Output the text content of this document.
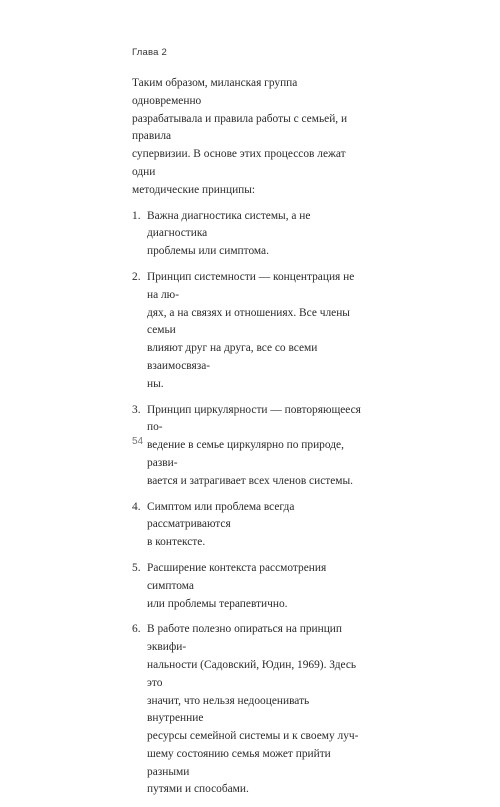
Глава 2

Таким образом, миланская группа одновременно
разрабатывала и правила работы с семьей, и правила
супервизии. В основе этих процессов лежат одни
методические принципы:

1. Важна диагностика системы, а не диагностика
проблемы или симптома.
2. Принцип системности — концентрация не на лю-
дях, а на связях и отношениях. Все члены семьи
влияют друг на друга, все со всеми взаимосвяза-
ны.
3. Принцип циркулярности — повторяющееся по-
ведение в семье циркулярно по природе, разви-
вается и затрагивает всех членов системы.
4. Симптом или проблема всегда рассматриваются
в контексте.
5. Расширение контекста рассмотрения симптома
или проблемы терапевтично.
6. В работе полезно опираться на принцип эквифи-
нальности (Садовский, Юдин, 1969). Здесь это
значит, что нельзя недооценивать внутренние
ресурсы семейной системы и к своему луч-
шему состоянию семья может прийти разными
путями и способами.
54
